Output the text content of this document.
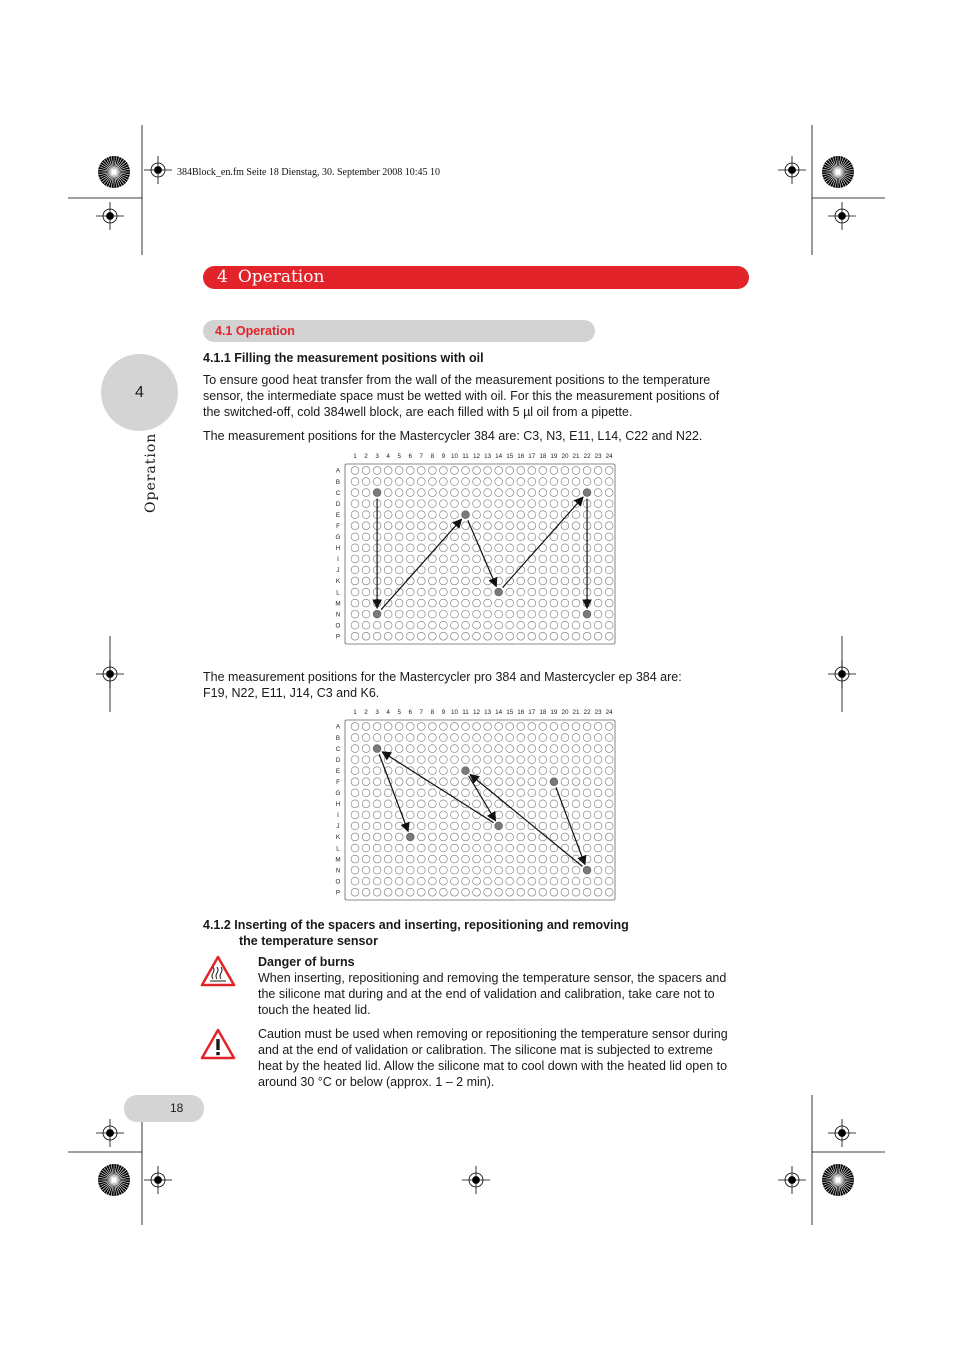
384Block_en.fm Seite 18 Dienstag, 30. September 2008 10:45 10
4 Operation
4
Operation
4.1 Operation
4.1.1 Filling the measurement positions with oil
To ensure good heat transfer from the wall of the measurement positions to the temperature
sensor, the intermediate space must be wetted with oil. For this the measurement positions of
the switched-off, cold 384well block, are each filled with 5 µl oil from a pipette.
The measurement positions for the Mastercycler 384 are: C3, N3, E11, L14, C22 and N22.
1 2 3 4 5 6 7 8 9 10 11 12 13 14 15 16 17 18 19 20 21 22 23 24
A
B
C
D
E
F
G
H
I
J
K
L
M
N
O
P
The measurement positions for the Mastercycler pro 384 and Mastercycler ep 384 are:
F19, N22, E11, J14, C3 and K6.
1 2 3 4 5 6 7 8 9 10 11 12 13 14 15 16 17 18 19 20 21 22 23 24
A
B
C
D
E
F
G
H
I
J
K
L
M
N
O
P
4.1.2 Inserting of the spacers and inserting, repositioning and removing
the temperature sensor
Danger of burns
When inserting, repositioning and removing the temperature sensor, the spacers and
the silicone mat during and at the end of validation and calibration, take care not to
touch the heated lid.
Caution must be used when removing or repositioning the temperature sensor during
and at the end of validation or calibration. The silicone mat is subjected to extreme
heat by the heated lid. Allow the silicone mat to cool down with the heated lid open to
around 30 °C or below (approx. 1 – 2 min).
18
